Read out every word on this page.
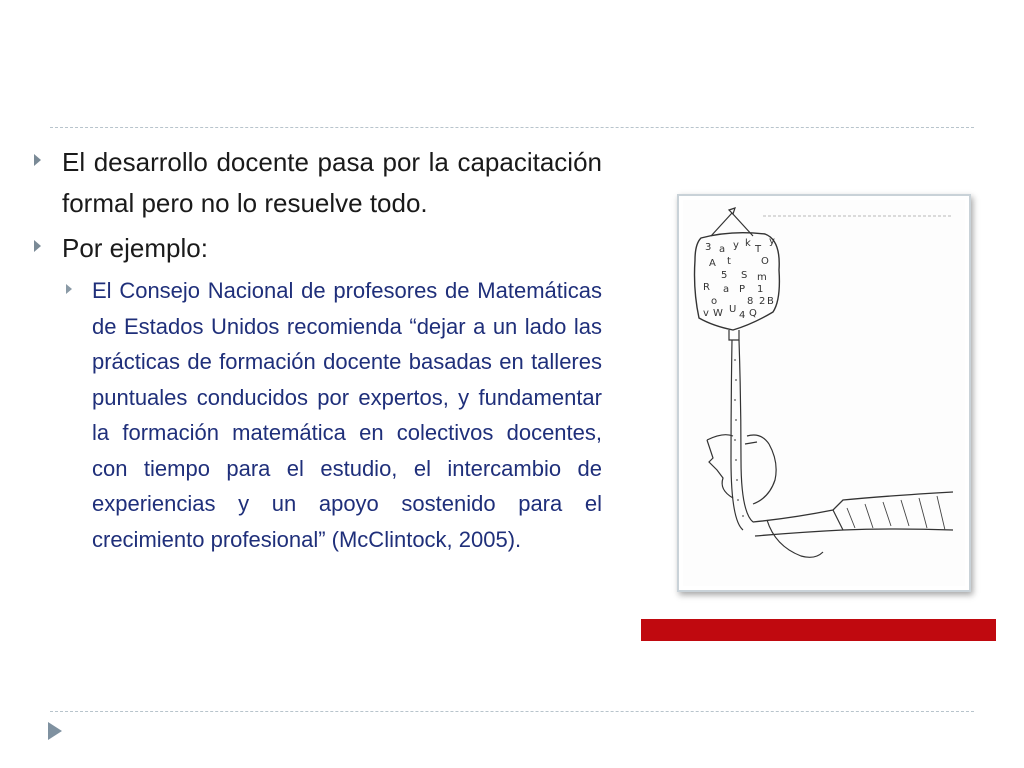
El desarrollo docente pasa por la capacitación formal pero no lo resuelve todo.
Por ejemplo:
El Consejo Nacional de profesores de Matemáticas de Estados Unidos recomienda “dejar a un lado las prácticas de formación docente basadas en talleres puntuales conducidos por expertos, y fundamentar la formación matemática en colectivos docentes, con tiempo para el estudio, el intercambio de experiencias y un apoyo sostenido para el crecimiento profesional” (McClintock, 2005).
3 a y k
T
y
A t	O
5 S m
R a P 1
o	8 2 B
v W U
4 Q
